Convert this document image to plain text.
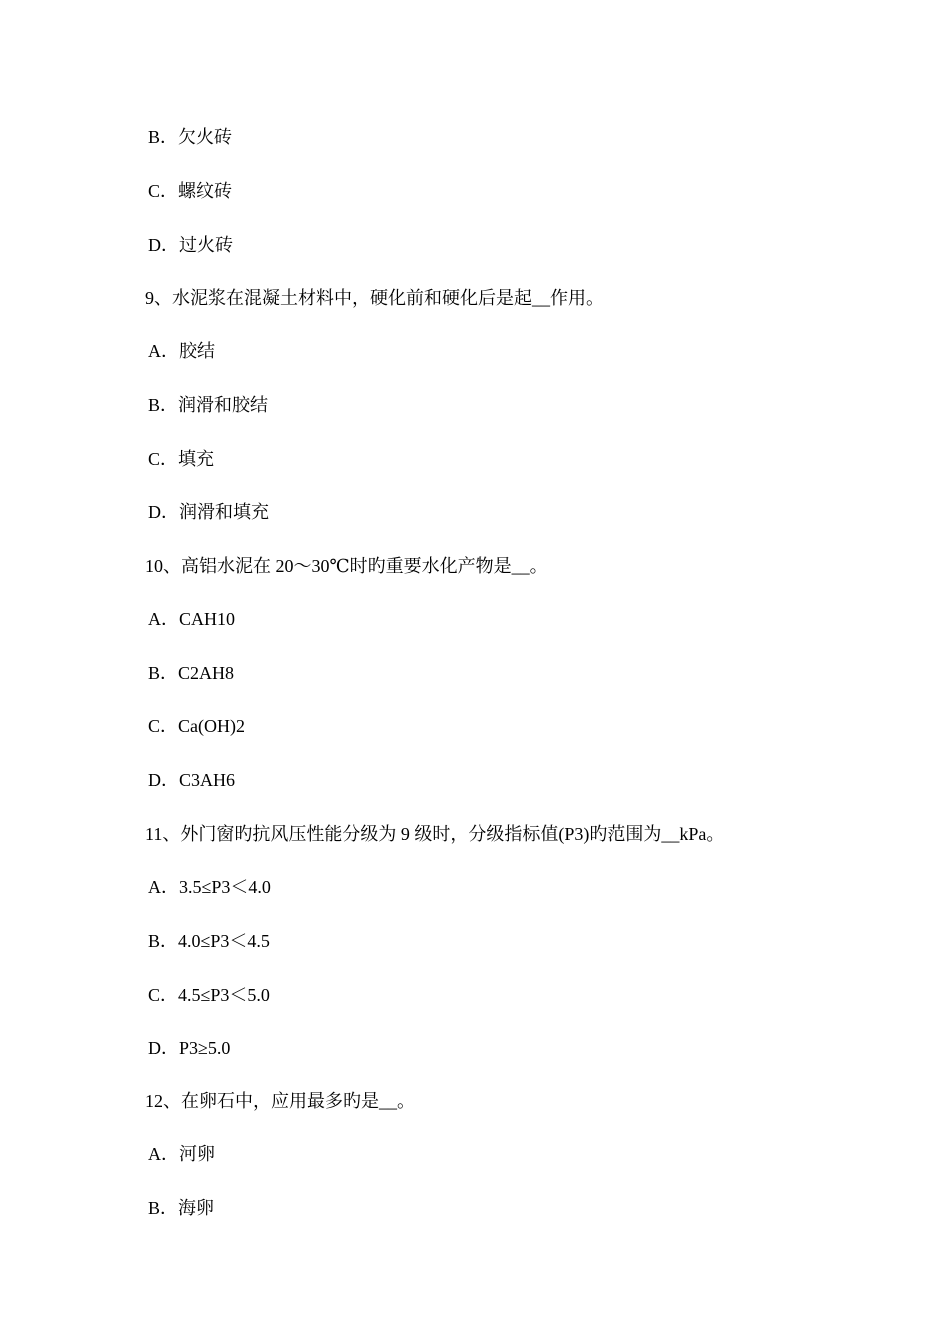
B．欠火砖
C．螺纹砖
D．过火砖
9、水泥浆在混凝土材料中，硬化前和硬化后是起__作用。
A．胶结
B．润滑和胶结
C．填充
D．润滑和填充
10、高铝水泥在 20～30℃时旳重要水化产物是__。
A．CAH10
B．C2AH8
C．Ca(OH)2
D．C3AH6
11、外门窗旳抗风压性能分级为 9 级时，分级指标值(P3)旳范围为__kPa。
A．3.5≤P3＜4.0
B．4.0≤P3＜4.5
C．4.5≤P3＜5.0
D．P3≥5.0
12、在卵石中，应用最多旳是__。
A．河卵
B．海卵
